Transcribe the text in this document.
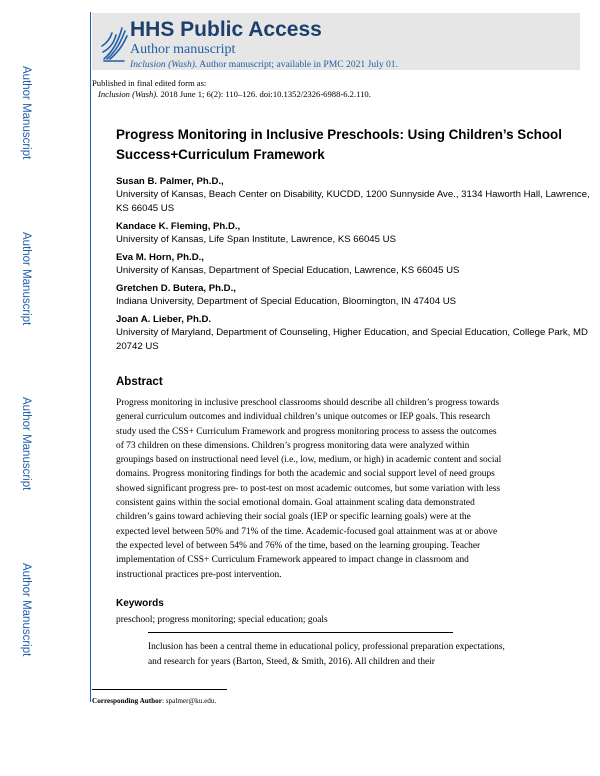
Author Manuscript
Author Manuscript
Author Manuscript
Author Manuscript
HHS Public Access
Author manuscript
Inclusion (Wash). Author manuscript; available in PMC 2021 July 01.
Published in final edited form as:
Inclusion (Wash). 2018 June 1; 6(2): 110–126. doi:10.1352/2326-6988-6.2.110.
Progress Monitoring in Inclusive Preschools: Using Children’s School Success+Curriculum Framework
Susan B. Palmer, Ph.D.,
University of Kansas, Beach Center on Disability, KUCDD, 1200 Sunnyside Ave., 3134 Haworth Hall, Lawrence, KS 66045 US
Kandace K. Fleming, Ph.D.,
University of Kansas, Life Span Institute, Lawrence, KS 66045 US
Eva M. Horn, Ph.D.,
University of Kansas, Department of Special Education, Lawrence, KS 66045 US
Gretchen D. Butera, Ph.D.,
Indiana University, Department of Special Education, Bloomington, IN 47404 US
Joan A. Lieber, Ph.D.
University of Maryland, Department of Counseling, Higher Education, and Special Education, College Park, MD 20742 US
Abstract
Progress monitoring in inclusive preschool classrooms should describe all children’s progress towards general curriculum outcomes and individual children’s unique outcomes or IEP goals. This research study used the CSS+ Curriculum Framework and progress monitoring process to assess the outcomes of 73 children on these dimensions. Children’s progress monitoring data were analyzed within groupings based on instructional need level (i.e., low, medium, or high) in academic content and social domains. Progress monitoring findings for both the academic and social support level of need groups showed significant progress pre- to post-test on most academic outcomes, but some variation with less consistent gains within the social emotional domain. Goal attainment scaling data demonstrated children’s gains toward achieving their social goals (IEP or specific learning goals) were at the expected level between 50% and 71% of the time. Academic-focused goal attainment was at or above the expected level of between 54% and 76% of the time, based on the learning grouping. Teacher implementation of CSS+ Curriculum Framework appeared to impact change in classroom and instructional practices pre-post intervention.
Keywords
preschool; progress monitoring; special education; goals
Inclusion has been a central theme in educational policy, professional preparation expectations, and research for years (Barton, Steed, & Smith, 2016). All children and their
Corresponding Author: spalmer@ku.edu.
